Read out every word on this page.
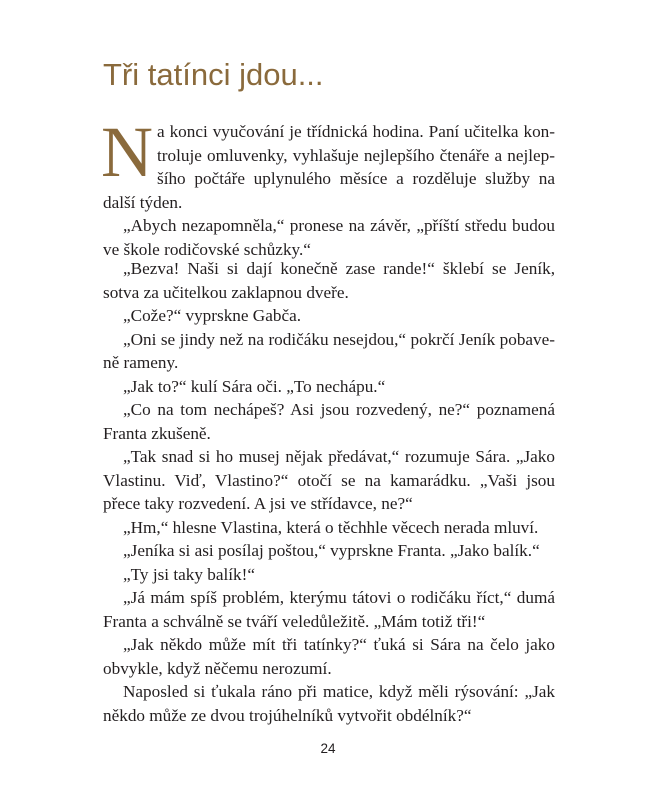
Tři tatínci jdou...

Na konci vyučování je třídnická hodina. Paní učitelka kontroluje omluvenky, vyhlašuje nejlepšího čtenáře a nejlepšího počtáře uplynulého měsíce a rozděluje služby na další týden.

„Abych nezapomněla,“ pronese na závěr, „příští středu budou ve škole rodičovské schůzky.“

„Bezva! Naši si dají konečně zase rande!“ šklebí se Jeník, sotva za učitelkou zaklapnou dveře.

„Cože?“ vyprskne Gabča.

„Oni se jindy než na rodičáku nesejdou,“ pokrčí Jeník pobaveně rameny.

„Jak to?“ kulí Sára oči. „To nechápu.“

„Co na tom nechápeš? Asi jsou rozvedený, ne?“ poznamená Franta zkušeně.

„Tak snad si ho musej nějak předávat,“ rozumuje Sára. „Jako Vlastinu. Viď, Vlastino?“ otočí se na kamarádku. „Vaši jsou přece taky rozvedení. A jsi ve střídavce, ne?“

„Hm,“ hlesne Vlastina, která o těchhle věcech nerada mluví.

„Jeníka si asi posílaj poštou,“ vyprskne Franta. „Jako balík.“

„Ty jsi taky balík!“

„Já mám spíš problém, kterýmu tátovi o rodičáku říct,“ dumá Franta a schválně se tváří veledůležitě. „Mám totiž tři!“

„Jak někdo může mít tři tatínky?“ ťuká si Sára na čelo jako obvykle, když něčemu nerozumí.

Naposled si ťukala ráno při matice, když měli rýsování: „Jak někdo může ze dvou trojúhelníků vytvořit obdélník?“

24
